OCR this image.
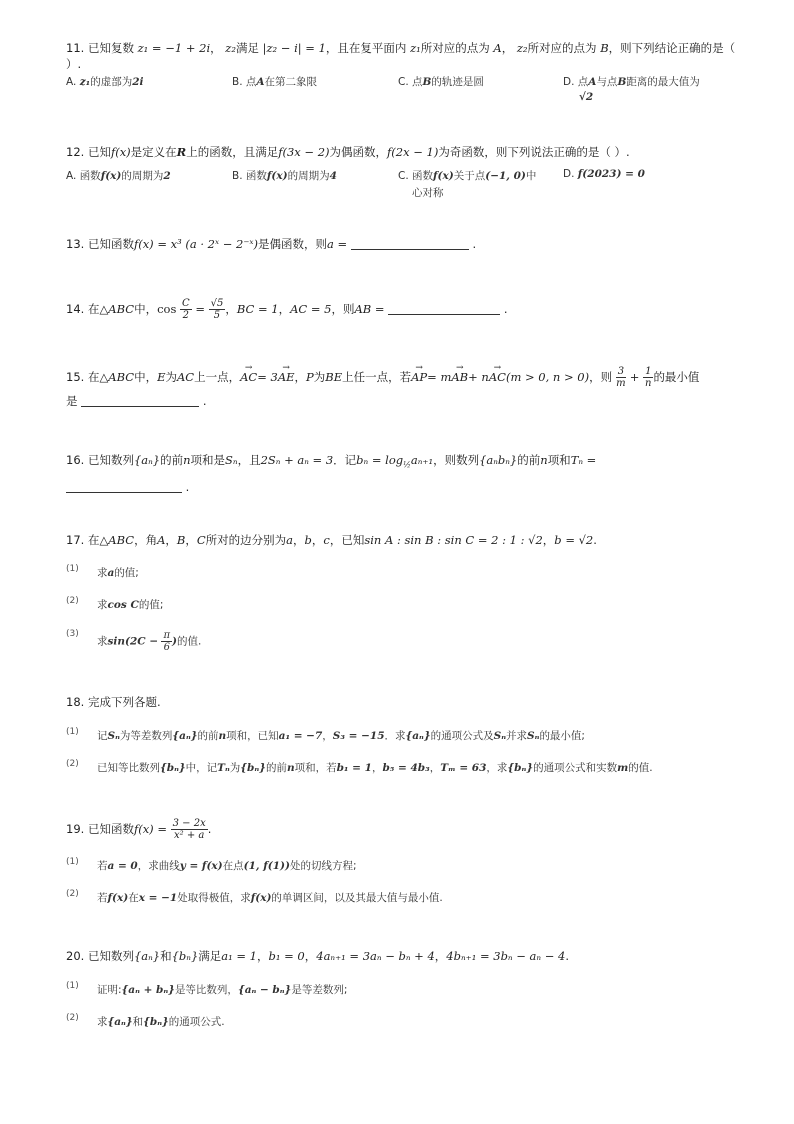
11. 已知复数 z₁ = −1 + 2i， z₂满足 |z₂ − i| = 1，且在复平面内 z₁所对应的点为 A， z₂所对应的点为 B，则下列结论正确的是（
）.
A. z₁的虚部为2i	B. 点A在第二象限	C. 点B的轨迹是圆	D. 点A与点B距离的最大值为
√2
12. 已知f(x)是定义在R上的函数，且满足f(3x − 2)为偶函数，f(2x − 1)为奇函数，则下列说法正确的是（ ）.
A. 函数f(x)的周期为2	B. 函数f(x)的周期为4	C. 函数f(x)关于点(−1, 0)中
心对称
D. f(2023) = 0
13. 已知函数f(x) = x³ (a · 2ˣ − 2⁻ˣ)是偶函数，则a =	.
14. 在△ABC中，$\cos \frac{C}{2} = \frac{√5}{5}$ ，BC = 1，AC = 5，则AB =	.
15. 在△ABC中，E为AC上一点，→ AC= 3→ AE，P为BE上任一点，若→ AP= m→ AB+ n→ AC(m > 0, n > 0)，则 $\frac{3}{m} + \frac{1}{n}$ 的最小值
是	.
16. 已知数列{aₙ}的前n项和是Sₙ，且2Sₙ + aₙ = 3．记$b_n = \log_{\frac{1}{2}}a_{n+1}$，则数列{aₙbₙ}的前n项和Tₙ =
.
17. 在△ABC，角A，B，C所对的边分别为a，b，c，已知sin A : sin B : sin C = 2 : 1 : √2，b = √2.
(1) 求a的值;
(2) 求cos C的值;
(3)
求$\sin(2C - \frac{\pi}{6}$ )的值.
18. 完成下列各题.
(1) 记Sₙ为等差数列{aₙ}的前n项和，已知a₁ = −7，S₃ = −15．求{aₙ}的通项公式及Sₙ并求Sₙ的最小值;
(2) 已知等比数列{bₙ}中，记Tₙ为{bₙ}的前n项和，若b₁ = 1，b₅ = 4b₃，Tₘ = 63，求{bₙ}的通项公式和实数m的值.
19. 已知函数$f(x) = \frac{3 - 2x}{\text{x² + a}}$ .
(1) 若a = 0，求曲线y = f(x)在点(1, f(1))处的切线方程;
(2) 若f(x)在x = −1处取得极值，求f(x)的单调区间，以及其最大值与最小值.
20. 已知数列{aₙ}和{bₙ}满足a₁ = 1，b₁ = 0，4aₙ₊₁ = 3aₙ − bₙ + 4，4bₙ₊₁ = 3bₙ − aₙ − 4.
(1) 证明:{aₙ + bₙ}是等比数列，{aₙ − bₙ}是等差数列;
(2) 求{aₙ}和{bₙ}的通项公式.
